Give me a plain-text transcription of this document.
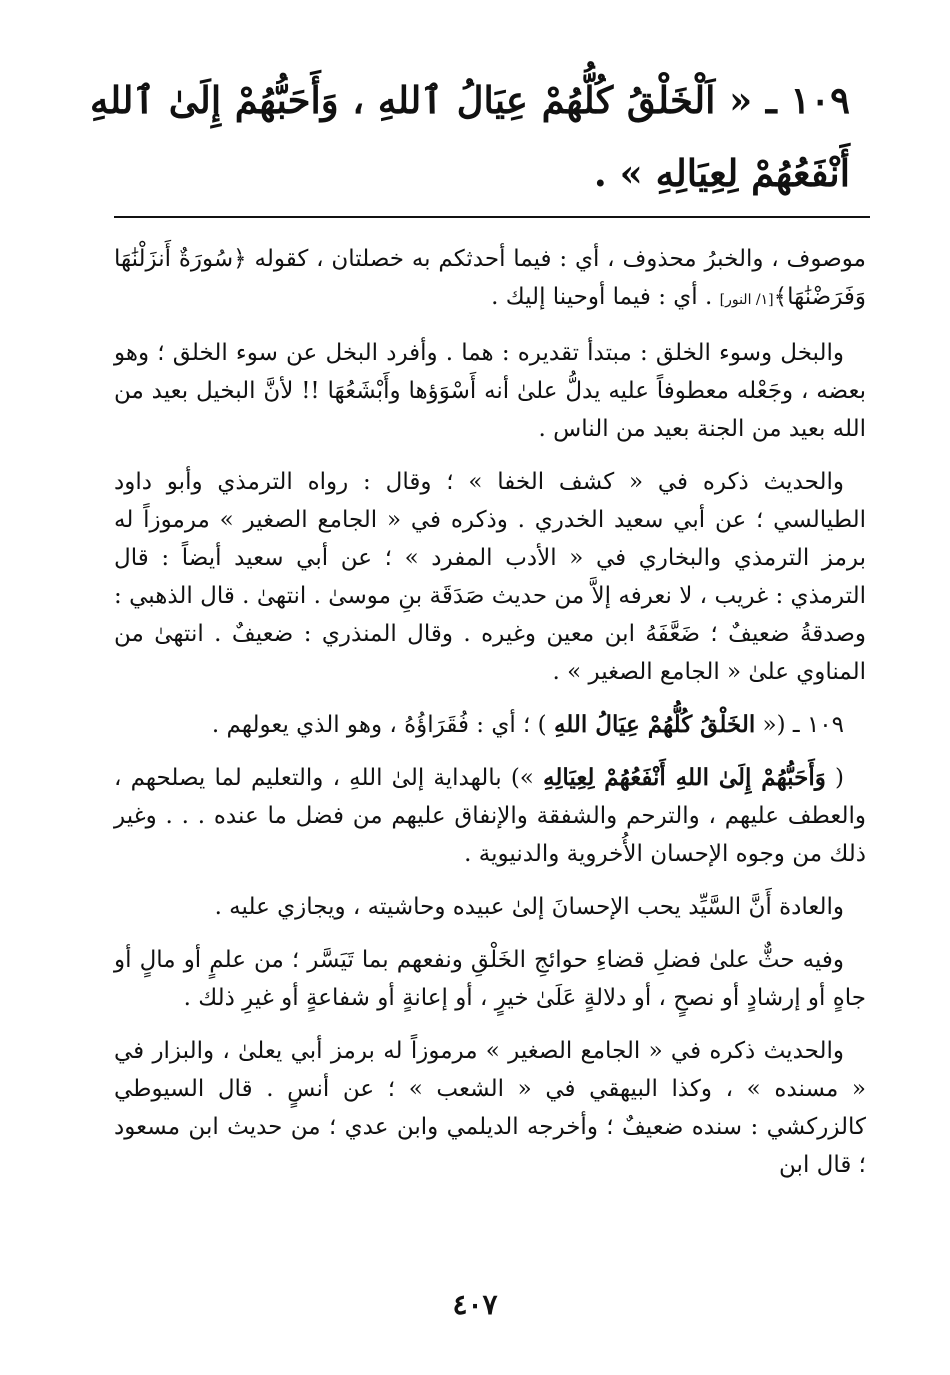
١٠٩ ـ « اَلْخَلْقُ كُلُّهُمْ عِيَالُ ٱللهِ ، وَأَحَبُّهُمْ إِلَىٰ ٱللهِ أَنْفَعُهُمْ لِعِيَالِهِ » .

موصوف ، والخبرُ محذوف ، أي : فيما أحدثكم به خصلتان ، كقوله ﴿سُورَةٌ أَنزَلْنَٰهَا وَفَرَضْنَٰهَا﴾[١/ النور] . أي : فيما أوحينا إليك .

والبخل وسوء الخلق : مبتدأ تقديره : هما . وأفرد البخل عن سوء الخلق ؛ وهو بعضه ، وجَعْله معطوفاً عليه يدلُّ علىٰ أنه أَسْوَؤها وأَبْشَعُهَا !! لأنَّ البخيل بعيد من الله بعيد من الجنة بعيد من الناس .

والحديث ذكره في « كشف الخفا » ؛ وقال : رواه الترمذي وأبو داود الطيالسي ؛ عن أبي سعيد الخدري . وذكره في « الجامع الصغير » مرموزاً له برمز الترمذي والبخاري في « الأدب المفرد » ؛ عن أبي سعيد أيضاً : قال الترمذي : غريب ، لا نعرفه إلاَّ من حديث صَدَقَة بنِ موسىٰ . انتهىٰ . قال الذهبي : وصدقةُ ضعيفٌ ؛ ضَعَّفَهُ ابن معين وغيره . وقال المنذري : ضعيفٌ . انتهىٰ من المناوي علىٰ « الجامع الصغير » .

١٠٩ ـ (« الخَلْقُ كُلُّهُمْ عِيَالُ اللهِ ) ؛ أي : فُقَرَاؤُهُ ، وهو الذي يعولهم .

( وَأَحَبُّهُمْ إِلَىٰ اللهِ أَنْفَعُهُمْ لِعِيَالِهِ ») بالهداية إلىٰ اللهِ ، والتعليم لما يصلحهم ، والعطف عليهم ، والترحم والشفقة والإنفاق عليهم من فضل ما عنده . . . وغير ذلك من وجوه الإحسان الأُخروية والدنيوية .

والعادة أَنَّ السَّيِّد يحب الإحسانَ إلىٰ عبيده وحاشيته ، ويجازي عليه .

وفيه حثٌّ علىٰ فضلِ قضاءِ حوائجِ الخَلْقِ ونفعهم بما تَيَسَّر ؛ من علمٍ أو مالٍ أو جاهٍ أو إرشادٍ أو نصحٍ ، أو دلالةٍ عَلَىٰ خيرٍ ، أو إعانةٍ أو شفاعةٍ أو غيرِ ذلك .

والحديث ذكره في « الجامع الصغير » مرموزاً له برمز أبي يعلىٰ ، والبزار في « مسنده » ، وكذا البيهقي في « الشعب » ؛ عن أنسٍ . قال السيوطي كالزركشي : سنده ضعيفٌ ؛ وأخرجه الديلمي وابن عدي ؛ من حديث ابن مسعود ؛ قال ابن

٤٠٧
